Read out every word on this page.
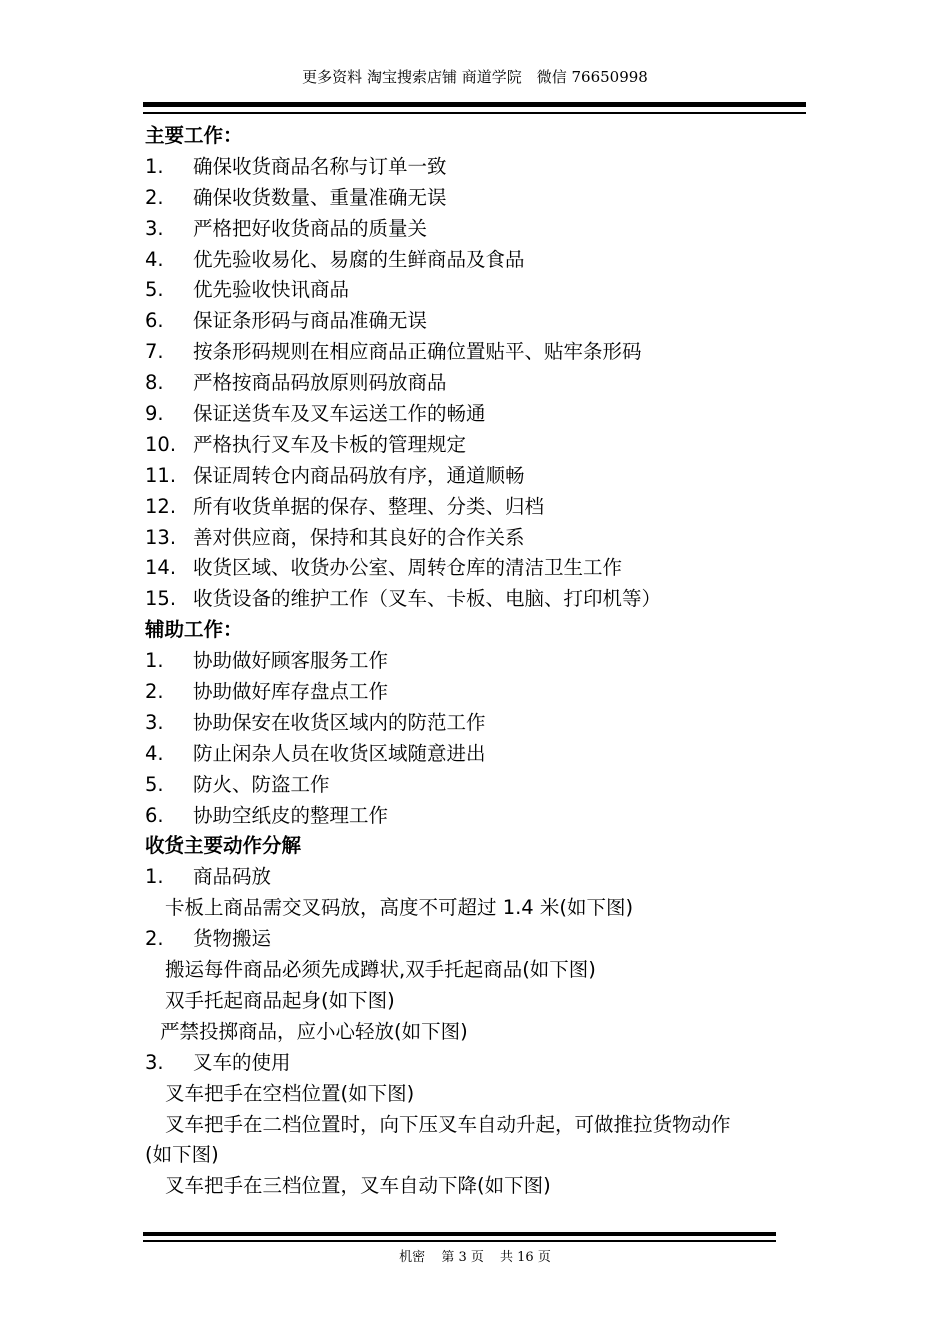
更多资料 淘宝搜索店铺 商道学院　微信 76650998
主要工作：
1. 确保收货商品名称与订单一致
2. 确保收货数量、重量准确无误
3. 严格把好收货商品的质量关
4. 优先验收易化、易腐的生鲜商品及食品
5. 优先验收快讯商品
6. 保证条形码与商品准确无误
7. 按条形码规则在相应商品正确位置贴平、贴牢条形码
8. 严格按商品码放原则码放商品
9. 保证送货车及叉车运送工作的畅通
10. 严格执行叉车及卡板的管理规定
11. 保证周转仓内商品码放有序，通道顺畅
12. 所有收货单据的保存、整理、分类、归档
13. 善对供应商，保持和其良好的合作关系
14. 收货区域、收货办公室、周转仓库的清洁卫生工作
15. 收货设备的维护工作（叉车、卡板、电脑、打印机等）
辅助工作：
1. 协助做好顾客服务工作
2. 协助做好库存盘点工作
3. 协助保安在收货区域内的防范工作
4. 防止闲杂人员在收货区域随意进出
5. 防火、防盗工作
6. 协助空纸皮的整理工作
收货主要动作分解
1. 商品码放
卡板上商品需交叉码放，高度不可超过 1.4 米(如下图)
2. 货物搬运
搬运每件商品必须先成蹲状,双手托起商品(如下图)
双手托起商品起身(如下图)
严禁投掷商品，应小心轻放(如下图)
3. 叉车的使用
叉车把手在空档位置(如下图)
叉车把手在二档位置时，向下压叉车自动升起，可做推拉货物动作
(如下图)
叉车把手在三档位置，叉车自动下降(如下图)
机密 第 3 页 共 16 页
